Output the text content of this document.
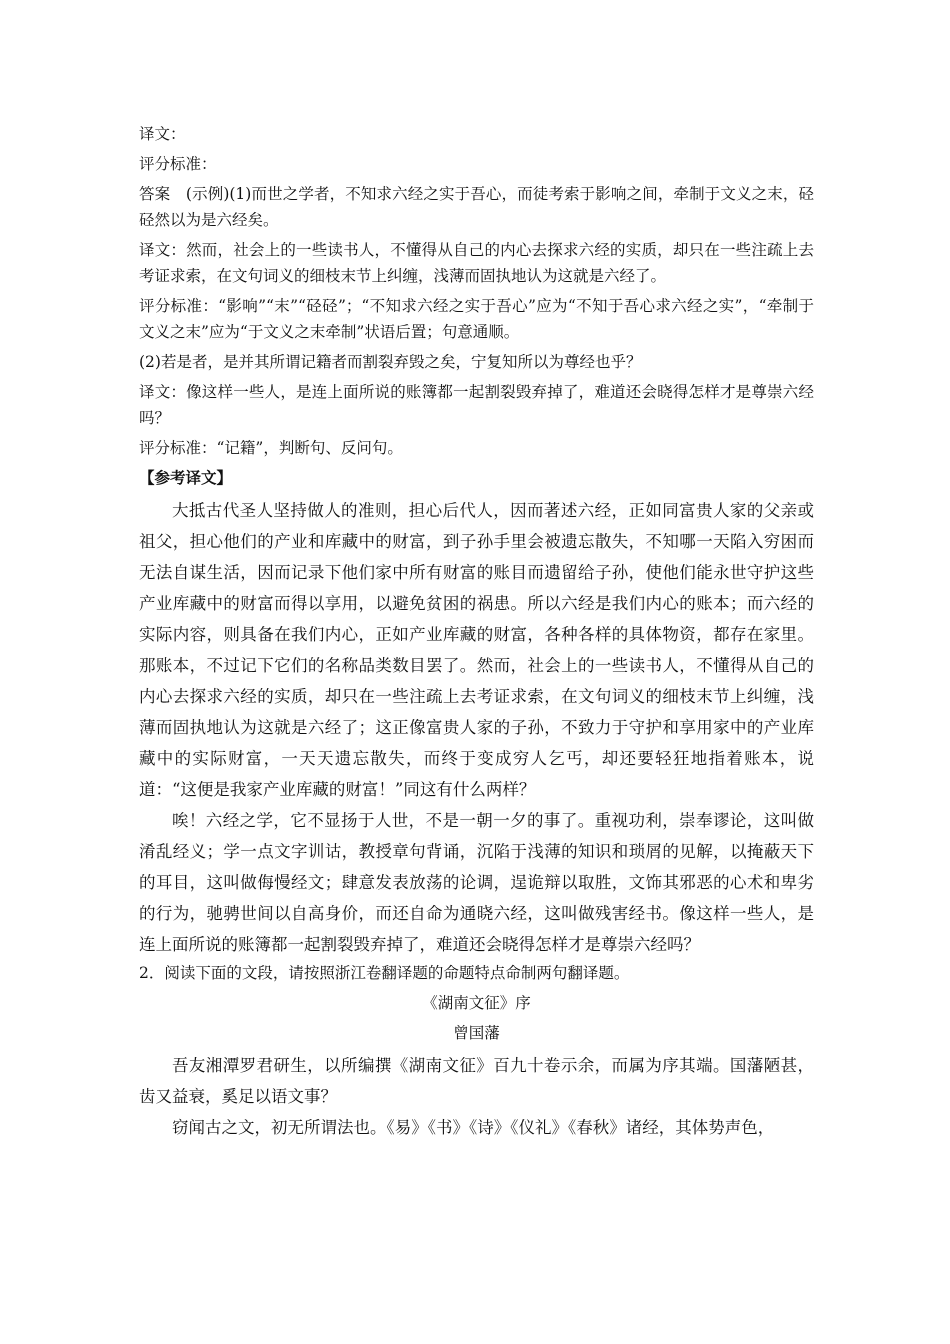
译文：

评分标准：

答案　(示例)(1)而世之学者，不知求六经之实于吾心，而徒考索于影响之间，牵制于文义之末，硁硁然以为是六经矣。

译文：然而，社会上的一些读书人，不懂得从自己的内心去探求六经的实质，却只在一些注疏上去考证求索，在文句词义的细枝末节上纠缠，浅薄而固执地认为这就是六经了。

评分标准：“影响”“末”“硁硁”；“不知求六经之实于吾心”应为“不知于吾心求六经之实”，“牵制于文义之末”应为“于文义之末牵制”状语后置；句意通顺。

(2)若是者，是并其所谓记籍者而割裂弃毁之矣，宁复知所以为尊经也乎？

译文：像这样一些人，是连上面所说的账簿都一起割裂毁弃掉了，难道还会晓得怎样才是尊崇六经吗？

评分标准：“记籍”，判断句、反问句。

【参考译文】

大抵古代圣人坚持做人的准则，担心后代人，因而著述六经，正如同富贵人家的父亲或祖父，担心他们的产业和库藏中的财富，到子孙手里会被遗忘散失，不知哪一天陷入穷困而无法自谋生活，因而记录下他们家中所有财富的账目而遗留给子孙，使他们能永世守护这些产业库藏中的财富而得以享用，以避免贫困的祸患。所以六经是我们内心的账本；而六经的实际内容，则具备在我们内心，正如产业库藏的财富，各种各样的具体物资，都存在家里。那账本，不过记下它们的名称品类数目罢了。然而，社会上的一些读书人，不懂得从自己的内心去探求六经的实质，却只在一些注疏上去考证求索，在文句词义的细枝末节上纠缠，浅薄而固执地认为这就是六经了；这正像富贵人家的子孙，不致力于守护和享用家中的产业库藏中的实际财富，一天天遗忘散失，而终于变成穷人乞丐，却还要轻狂地指着账本，说道：“这便是我家产业库藏的财富！”同这有什么两样？

唉！六经之学，它不显扬于人世，不是一朝一夕的事了。重视功利，崇奉谬论，这叫做淆乱经义；学一点文字训诂，教授章句背诵，沉陷于浅薄的知识和琐屑的见解，以掩蔽天下的耳目，这叫做侮慢经文；肆意发表放荡的论调，逞诡辩以取胜，文饰其邪恶的心术和卑劣的行为，驰骋世间以自高身价，而还自命为通晓六经，这叫做残害经书。像这样一些人，是连上面所说的账簿都一起割裂毁弃掉了，难道还会晓得怎样才是尊崇六经吗？

2．阅读下面的文段，请按照浙江卷翻译题的命题特点命制两句翻译题。

《湖南文征》序

曾国藩

吾友湘潭罗君研生，以所编撰《湖南文征》百九十卷示余，而属为序其端。国藩陋甚，齿又益衰，奚足以语文事？

窃闻古之文，初无所谓法也。《易》《书》《诗》《仪礼》《春秋》诸经，其体势声色，
